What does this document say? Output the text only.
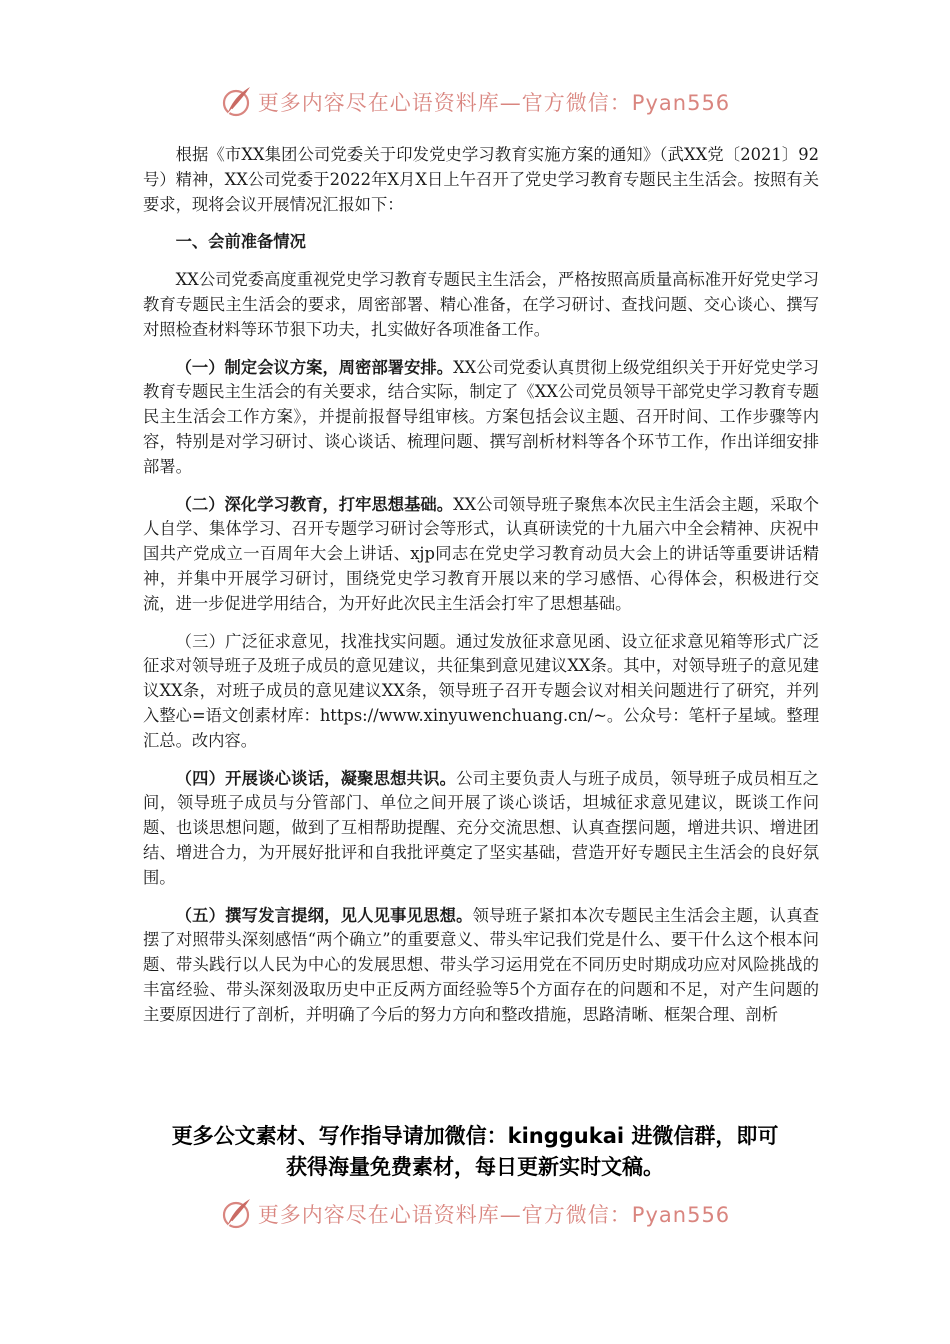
更多内容尽在心语资料库—官方微信：Pyan556

根据《市XX集团公司党委关于印发党史学习教育实施方案的通知》（武XX党〔2021〕92号）精神，XX公司党委于2022年X月X日上午召开了党史学习教育专题民主生活会。按照有关要求，现将会议开展情况汇报如下：

一、会前准备情况

XX公司党委高度重视党史学习教育专题民主生活会，严格按照高质量高标准开好党史学习教育专题民主生活会的要求，周密部署、精心准备，在学习研讨、查找问题、交心谈心、撰写对照检查材料等环节狠下功夫，扎实做好各项准备工作。

（一）制定会议方案，周密部署安排。XX公司党委认真贯彻上级党组织关于开好党史学习教育专题民主生活会的有关要求，结合实际，制定了《XX公司党员领导干部党史学习教育专题民主生活会工作方案》，并提前报督导组审核。方案包括会议主题、召开时间、工作步骤等内容，特别是对学习研讨、谈心谈话、梳理问题、撰写剖析材料等各个环节工作，作出详细安排部署。

（二）深化学习教育，打牢思想基础。XX公司领导班子聚焦本次民主生活会主题，采取个人自学、集体学习、召开专题学习研讨会等形式，认真研读党的十九届六中全会精神、庆祝中国共产党成立一百周年大会上讲话、xjp同志在党史学习教育动员大会上的讲话等重要讲话精神，并集中开展学习研讨，围绕党史学习教育开展以来的学习感悟、心得体会，积极进行交流，进一步促进学用结合，为开好此次民主生活会打牢了思想基础。

（三）广泛征求意见，找准找实问题。通过发放征求意见函、设立征求意见箱等形式广泛征求对领导班子及班子成员的意见建议，共征集到意见建议XX条。其中，对领导班子的意见建议XX条，对班子成员的意见建议XX条，领导班子召开专题会议对相关问题进行了研究，并列入整心=语文创素材库：https://www.xinyuwenchuang.cn/~。公众号：笔杆子星域。整理汇总。改内容。

（四）开展谈心谈话，凝聚思想共识。公司主要负责人与班子成员，领导班子成员相互之间，领导班子成员与分管部门、单位之间开展了谈心谈话，坦城征求意见建议，既谈工作问题、也谈思想问题，做到了互相帮助提醒、充分交流思想、认真查摆问题，增进共识、增进团结、增进合力，为开展好批评和自我批评奠定了坚实基础，营造开好专题民主生活会的良好氛围。

（五）撰写发言提纲，见人见事见思想。领导班子紧扣本次专题民主生活会主题，认真查摆了对照带头深刻感悟“两个确立”的重要意义、带头牢记我们党是什么、要干什么这个根本问题、带头践行以人民为中心的发展思想、带头学习运用党在不同历史时期成功应对风险挑战的丰富经验、带头深刻汲取历史中正反两方面经验等5个方面存在的问题和不足，对产生问题的主要原因进行了剖析，并明确了今后的努力方向和整改措施，思路清晰、框架合理、剖析

更多公文素材、写作指导请加微信：kinggukai 进微信群，即可
获得海量免费素材，每日更新实时文稿。
更多内容尽在心语资料库—官方微信：Pyan556
